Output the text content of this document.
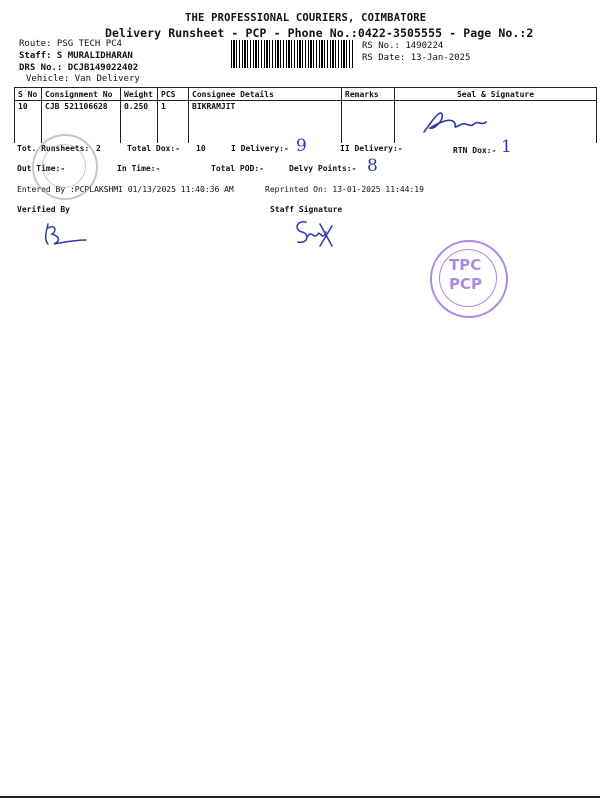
THE PROFESSIONAL COURIERS, COIMBATORE
Delivery Runsheet - PCP - Phone No.:0422-3505555 - Page No.:2
Route: PSG TECH PC4
Staff: S MURALIDHARAN
DRS No.: DCJB149022402
Vehicle: Van Delivery
RS No.: 1490224
RS Date: 13-Jan-2025
S No	Consignment No	Weight	PCS	Consignee Details	Remarks	Seal & Signature
10	CJB 521106628	0.250	1	BIKRAMJIT		
Tot. Runsheets: 2	Total Dox:- 10	I Delivery:- 9	II Delivery:-	RTN Dox:- 1
Out Time:-	In Time:-	Total POD:-	Delvy Points:- 8
Entered By :PCPLAKSHMI 01/13/2025 11:40:36 AM	Reprinted On: 13-01-2025 11:44:19
Verified By	Staff Signature
TPC
PCP
